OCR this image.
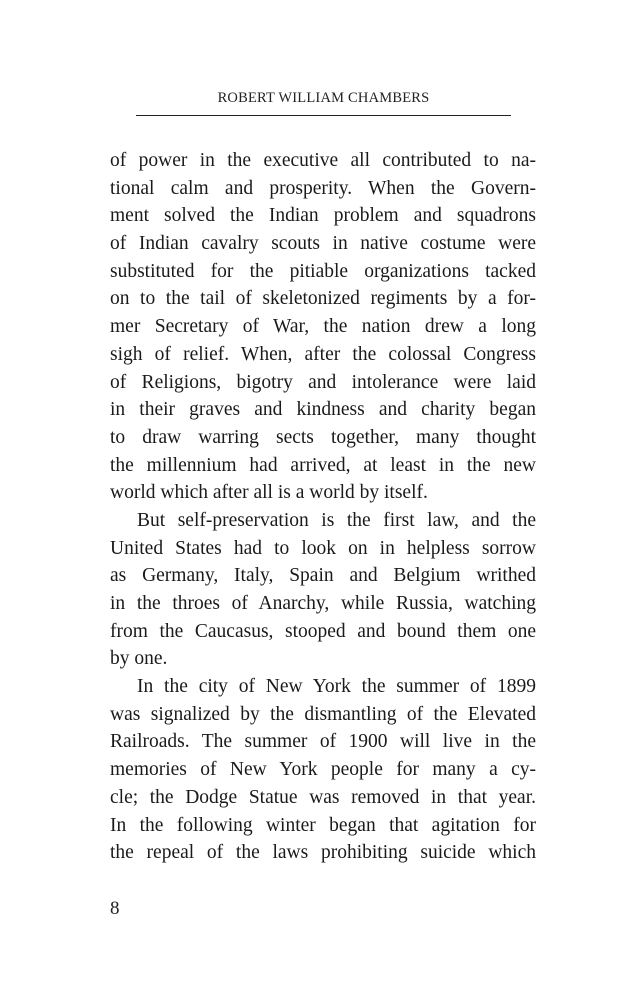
ROBERT WILLIAM CHAMBERS
of power in the executive all contributed to na-
tional calm and prosperity. When the Govern-
ment solved the Indian problem and squadrons
of Indian cavalry scouts in native costume were
substituted for the pitiable organizations tacked
on to the tail of skeletonized regiments by a for-
mer Secretary of War, the nation drew a long
sigh of relief. When, after the colossal Congress
of Religions, bigotry and intolerance were laid
in their graves and kindness and charity began
to draw warring sects together, many thought
the millennium had arrived, at least in the new
world which after all is a world by itself.
But self-preservation is the first law, and the
United States had to look on in helpless sorrow
as Germany, Italy, Spain and Belgium writhed
in the throes of Anarchy, while Russia, watching
from the Caucasus, stooped and bound them one
by one.
In the city of New York the summer of 1899
was signalized by the dismantling of the Elevated
Railroads. The summer of 1900 will live in the
memories of New York people for many a cy-
cle; the Dodge Statue was removed in that year.
In the following winter began that agitation for
the repeal of the laws prohibiting suicide which
8
